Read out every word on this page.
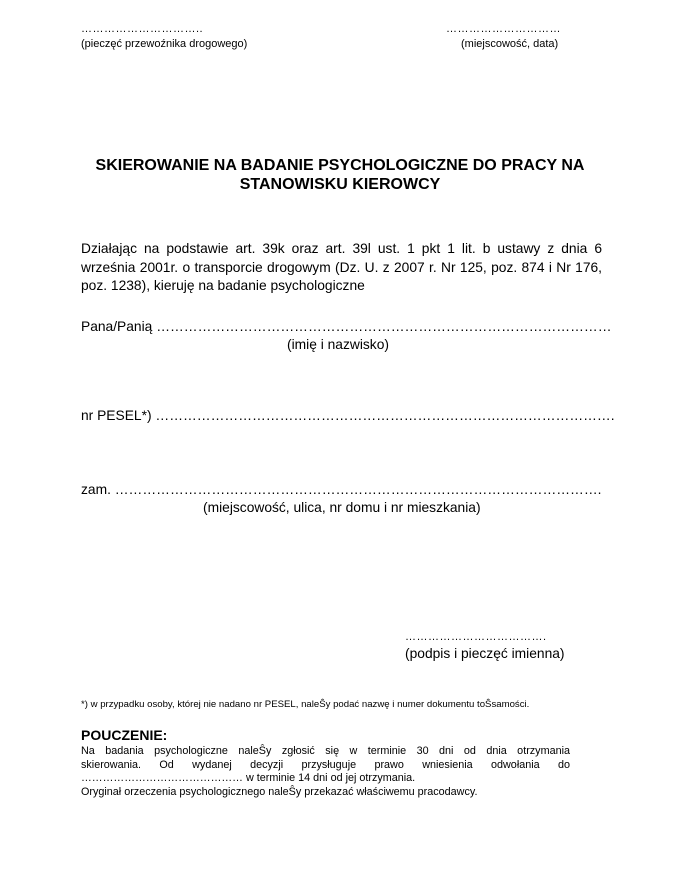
…………………………..
(pieczęć przewoźnika drogowego)
…………………………
(miejscowość, data)
SKIEROWANIE NA BADANIE PSYCHOLOGICZNE DO PRACY NA
STANOWISKU KIEROWCY
Działając na podstawie art. 39k oraz art. 39l ust. 1 pkt 1 lit. b ustawy z dnia 6 września 2001r. o transporcie drogowym (Dz. U. z 2007 r. Nr 125, poz. 874 i Nr 176, poz. 1238), kieruję na badanie psychologiczne
Pana/Panią ………………………………………………………………………………………
(imię i nazwisko)
nr PESEL*) ……………………………………………………………………………………….
zam. …………………………………………………………………………………………….
(miejscowość, ulica, nr domu i nr mieszkania)
……………………………….
(podpis i pieczęć imienna)
*) w przypadku osoby, której nie nadano nr PESEL, naleŜy podać nazwę i numer dokumentu toŜsamości.
POUCZENIE:
Na badania psychologiczne naleŜy zgłosić się w terminie 30 dni od dnia otrzymania
skierowania. Od wydanej decyzji przysługuje prawo wniesienia odwołania do
……………………………………… w terminie 14 dni od jej otrzymania.
Oryginał orzeczenia psychologicznego naleŜy przekazać właściwemu pracodawcy.
